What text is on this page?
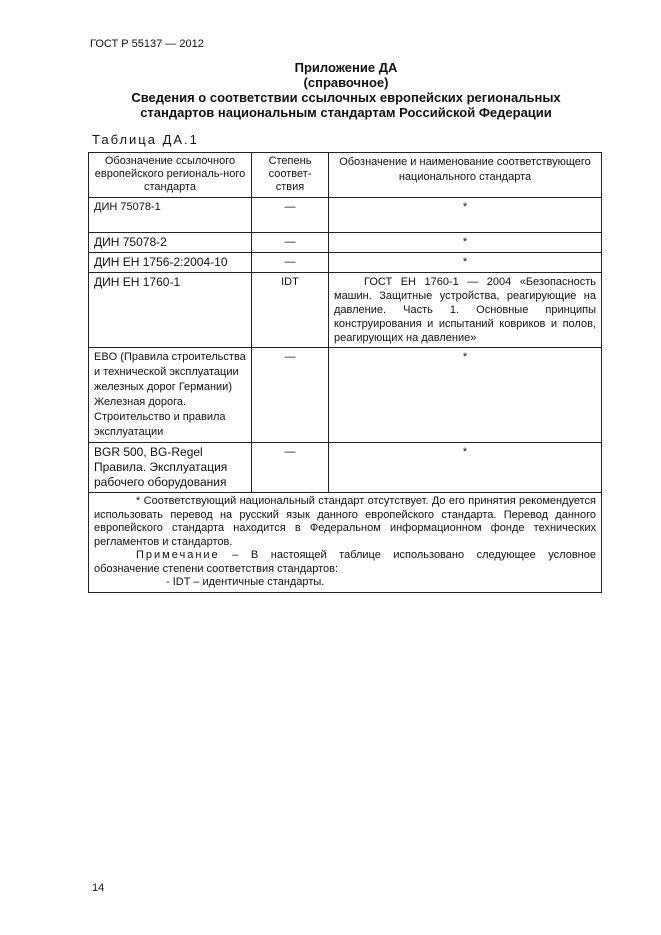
ГОСТ Р 55137 — 2012
Приложение ДА
(справочное)
Сведения о соответствии ссылочных европейских региональных
стандартов национальным стандартам Российской Федерации
Таблица ДА.1
Обозначение ссылочного европейского региональ-ного стандарта	Степень соответ-ствия	Обозначение и наименование соответствующего национального стандарта
ДИН 75078-1	—	*
ДИН 75078-2	—	*
ДИН ЕН 1756-2:2004-10	—	*
ДИН ЕН 1760-1	IDT	ГОСТ ЕН 1760-1 — 2004 «Безопасность машин. Защитные устройства, реагирующие на давление. Часть 1. Основные принципы конструирования и испытаний ковриков и полов, реагирующих на давление»
EBO (Правила строительства и технической эксплуатации железных дорог Германии) Железная дорога. Строительство и правила эксплуатации	—	*
BGR 500, BG-Regel Правила. Эксплуатация рабочего оборудования	—	*

* Соответствующий национальный стандарт отсутствует. До его принятия рекомендуется использовать перевод на русский язык данного европейского стандарта. Перевод данного европейского стандарта находится в Федеральном информационном фонде технических регламентов и стандартов.
Примечание – В настоящей таблице использовано следующее условное обозначение степени соответствия стандартов:
- IDT – идентичные стандарты.		
14
